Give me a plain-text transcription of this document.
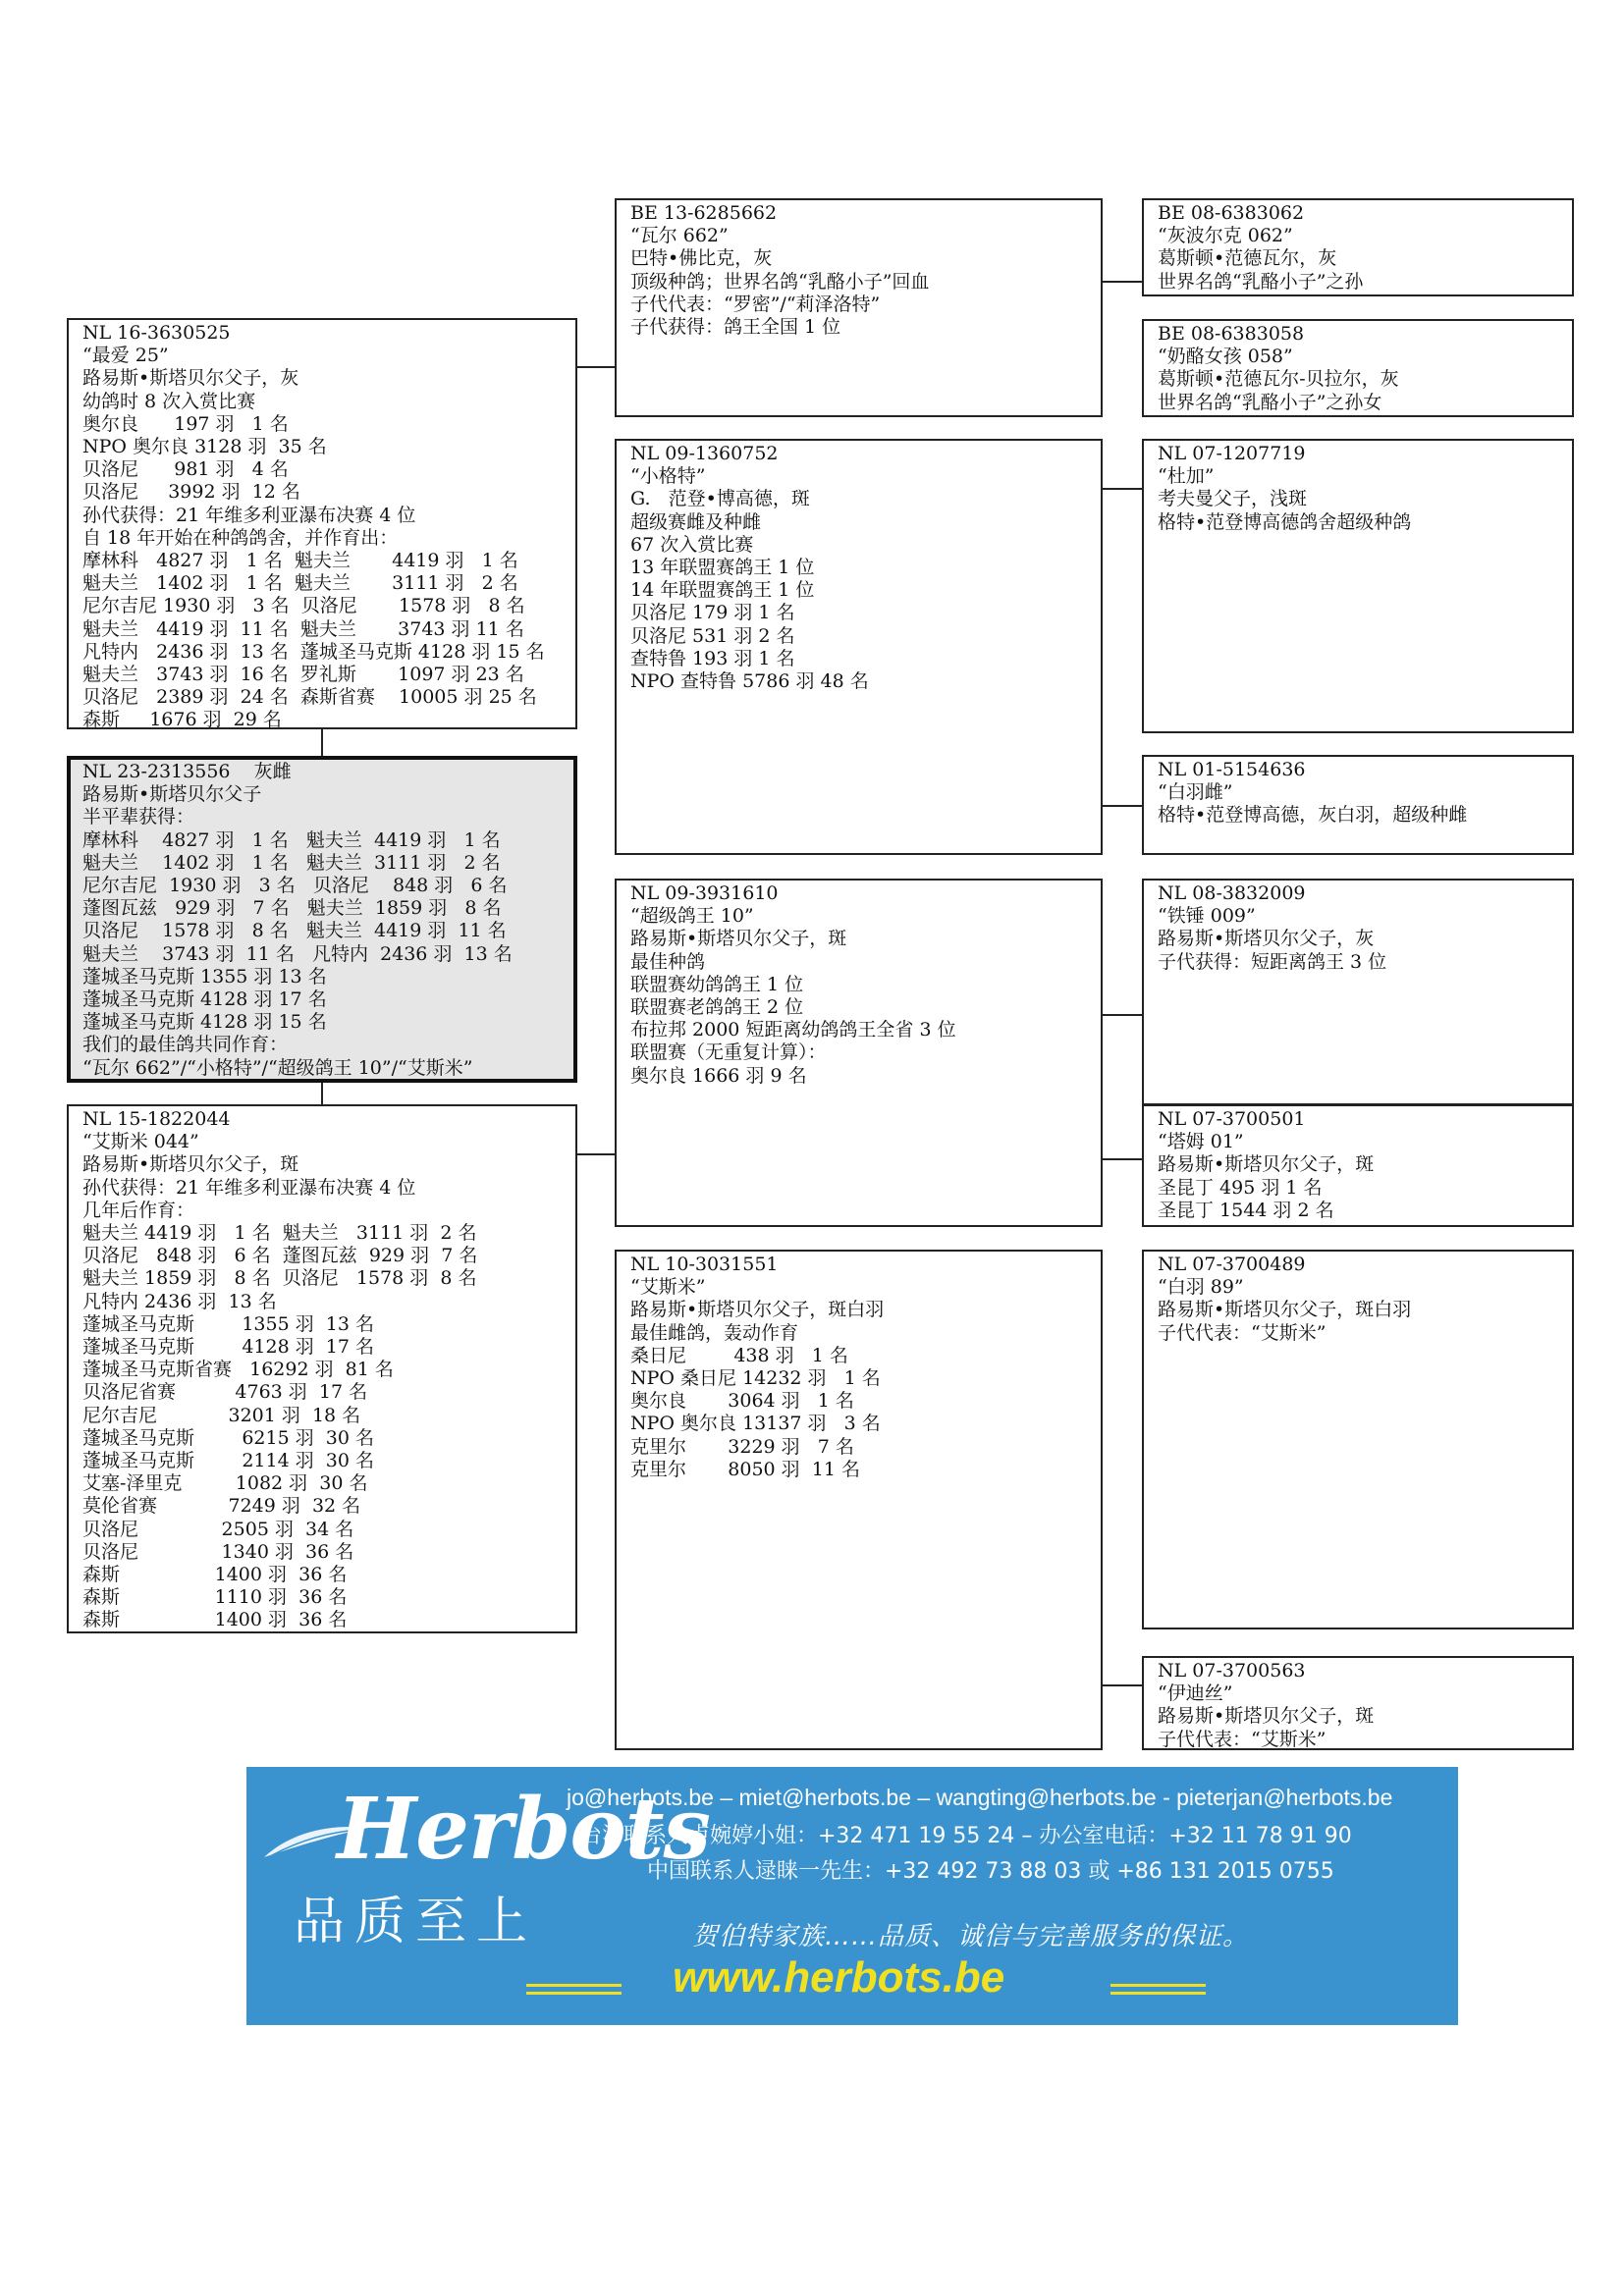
NL 16-3630525
“最爱 25”
路易斯•斯塔贝尔父子，灰
幼鸽时 8 次入赏比赛
奥尔良      197 羽   1 名
NPO 奥尔良 3128 羽  35 名
贝洛尼      981 羽   4 名
贝洛尼     3992 羽  12 名
孙代获得：21 年维多利亚瀑布决赛 4 位
自 18 年开始在种鸽鸽舍，并作育出：
摩林科   4827 羽   1 名  魁夫兰       4419 羽   1 名
魁夫兰   1402 羽   1 名  魁夫兰       3111 羽   2 名
尼尔吉尼 1930 羽   3 名  贝洛尼       1578 羽   8 名
魁夫兰   4419 羽  11 名  魁夫兰       3743 羽 11 名
凡特内   2436 羽  13 名  蓬城圣马克斯 4128 羽 15 名
魁夫兰   3743 羽  16 名  罗礼斯       1097 羽 23 名
贝洛尼   2389 羽  24 名  森斯省赛    10005 羽 25 名
森斯     1676 羽  29 名
NL 23-2313556    灰雌
路易斯•斯塔贝尔父子
半平辈获得：
摩林科    4827 羽   1 名   魁夫兰  4419 羽   1 名
魁夫兰    1402 羽   1 名   魁夫兰  3111 羽   2 名
尼尔吉尼  1930 羽   3 名   贝洛尼    848 羽   6 名
蓬图瓦兹   929 羽   7 名   魁夫兰  1859 羽   8 名
贝洛尼    1578 羽   8 名   魁夫兰  4419 羽  11 名
魁夫兰    3743 羽  11 名   凡特内  2436 羽  13 名
蓬城圣马克斯 1355 羽 13 名
蓬城圣马克斯 4128 羽 17 名
蓬城圣马克斯 4128 羽 15 名
我们的最佳鸽共同作育：
“瓦尔 662”/“小格特”/“超级鸽王 10”/“艾斯米”
NL 15-1822044
“艾斯米 044”
路易斯•斯塔贝尔父子，斑
孙代获得：21 年维多利亚瀑布决赛 4 位
几年后作育：
魁夫兰 4419 羽   1 名  魁夫兰   3111 羽  2 名
贝洛尼   848 羽   6 名  蓬图瓦兹  929 羽  7 名
魁夫兰 1859 羽   8 名  贝洛尼   1578 羽  8 名
凡特内 2436 羽  13 名
蓬城圣马克斯        1355 羽  13 名
蓬城圣马克斯        4128 羽  17 名
蓬城圣马克斯省赛   16292 羽  81 名
贝洛尼省赛          4763 羽  17 名
尼尔吉尼            3201 羽  18 名
蓬城圣马克斯        6215 羽  30 名
蓬城圣马克斯        2114 羽  30 名
艾塞-泽里克         1082 羽  30 名
莫伦省赛            7249 羽  32 名
贝洛尼              2505 羽  34 名
贝洛尼              1340 羽  36 名
森斯                1400 羽  36 名
森斯                1110 羽  36 名
森斯                1400 羽  36 名
BE 13-6285662
“瓦尔 662”
巴特•佛比克，灰
顶级种鸽；世界名鸽“乳酪小子”回血
子代代表：“罗密”/“莉泽洛特”
子代获得：鸽王全国 1 位
NL 09-1360752
“小格特”
G.   范登•博高德，斑
超级赛雌及种雌
67 次入赏比赛
13 年联盟赛鸽王 1 位
14 年联盟赛鸽王 1 位
贝洛尼 179 羽 1 名
贝洛尼 531 羽 2 名
查特鲁 193 羽 1 名
NPO 查特鲁 5786 羽 48 名
NL 09-3931610
“超级鸽王 10”
路易斯•斯塔贝尔父子，斑
最佳种鸽
联盟赛幼鸽鸽王 1 位
联盟赛老鸽鸽王 2 位
布拉邦 2000 短距离幼鸽鸽王全省 3 位
联盟赛（无重复计算）：
奥尔良 1666 羽 9 名
NL 10-3031551
“艾斯米”
路易斯•斯塔贝尔父子，斑白羽
最佳雌鸽，轰动作育
桑日尼        438 羽   1 名
NPO 桑日尼 14232 羽   1 名
奥尔良       3064 羽   1 名
NPO 奥尔良 13137 羽   3 名
克里尔       3229 羽   7 名
克里尔       8050 羽  11 名
BE 08-6383062
“灰波尔克 062”
葛斯顿•范德瓦尔，灰
世界名鸽“乳酪小子”之孙
BE 08-6383058
“奶酪女孩 058”
葛斯顿•范德瓦尔-贝拉尔，灰
世界名鸽“乳酪小子”之孙女
NL 07-1207719
“杜加”
考夫曼父子，浅斑
格特•范登博高德鸽舍超级种鸽
NL 01-5154636
“白羽雌”
格特•范登博高德，灰白羽，超级种雌
NL 08-3832009
“铁锤 009”
路易斯•斯塔贝尔父子，灰
子代获得：短距离鸽王 3 位
NL 07-3700501
“塔姆 01”
路易斯•斯塔贝尔父子，斑
圣昆丁 495 羽 1 名
圣昆丁 1544 羽 2 名
NL 07-3700489
“白羽 89”
路易斯•斯塔贝尔父子，斑白羽
子代代表：“艾斯米”
NL 07-3700563
“伊迪丝”
路易斯•斯塔贝尔父子，斑
子代代表：“艾斯米”
Herbots
品质至上
jo@herbots.be – miet@herbots.be – wangting@herbots.be - pieterjan@herbots.be
台湾联系人卢婉婷小姐：+32 471 19 55 24 – 办公室电话：+32 11 78 91 90
中国联系人逯睐一先生：+32 492 73 88 03 或 +86 131 2015 0755
贺伯特家族……品质、诚信与完善服务的保证。
www.herbots.be
